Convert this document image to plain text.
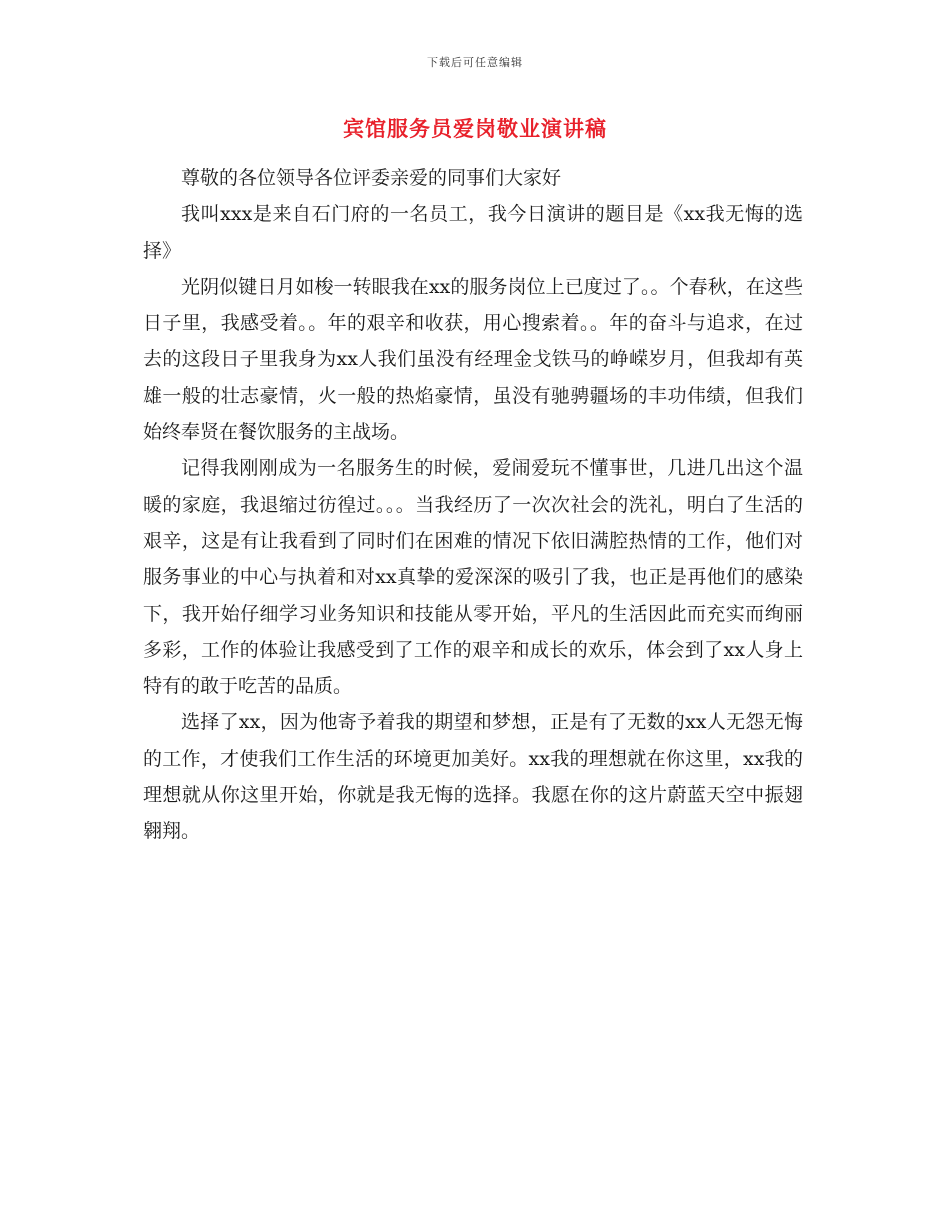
下载后可任意编辑
宾馆服务员爱岗敬业演讲稿

尊敬的各位领导各位评委亲爱的同事们大家好

我叫xxx是来自石门府的一名员工，我今日演讲的题目是《xx我无悔的选择》

光阴似键日月如梭一转眼我在xx的服务岗位上已度过了。。个春秋，在这些日子里，我感受着。。年的艰辛和收获，用心搜索着。。年的奋斗与追求，在过去的这段日子里我身为xx人我们虽没有经理金戈铁马的峥嵘岁月，但我却有英雄一般的壮志豪情，火一般的热焰豪情，虽没有驰骋疆场的丰功伟绩，但我们始终奉贤在餐饮服务的主战场。

记得我刚刚成为一名服务生的时候，爱闹爱玩不懂事世，几进几出这个温暖的家庭，我退缩过彷徨过。。。当我经历了一次次社会的洗礼，明白了生活的艰辛，这是有让我看到了同时们在困难的情况下依旧满腔热情的工作，他们对服务事业的中心与执着和对xx真挚的爱深深的吸引了我，也正是再他们的感染下，我开始仔细学习业务知识和技能从零开始，平凡的生活因此而充实而绚丽多彩，工作的体验让我感受到了工作的艰辛和成长的欢乐，体会到了xx人身上特有的敢于吃苦的品质。

选择了xx，因为他寄予着我的期望和梦想，正是有了无数的xx人无怨无悔的工作，才使我们工作生活的环境更加美好。xx我的理想就在你这里，xx我的理想就从你这里开始，你就是我无悔的选择。我愿在你的这片蔚蓝天空中振翅翱翔。
